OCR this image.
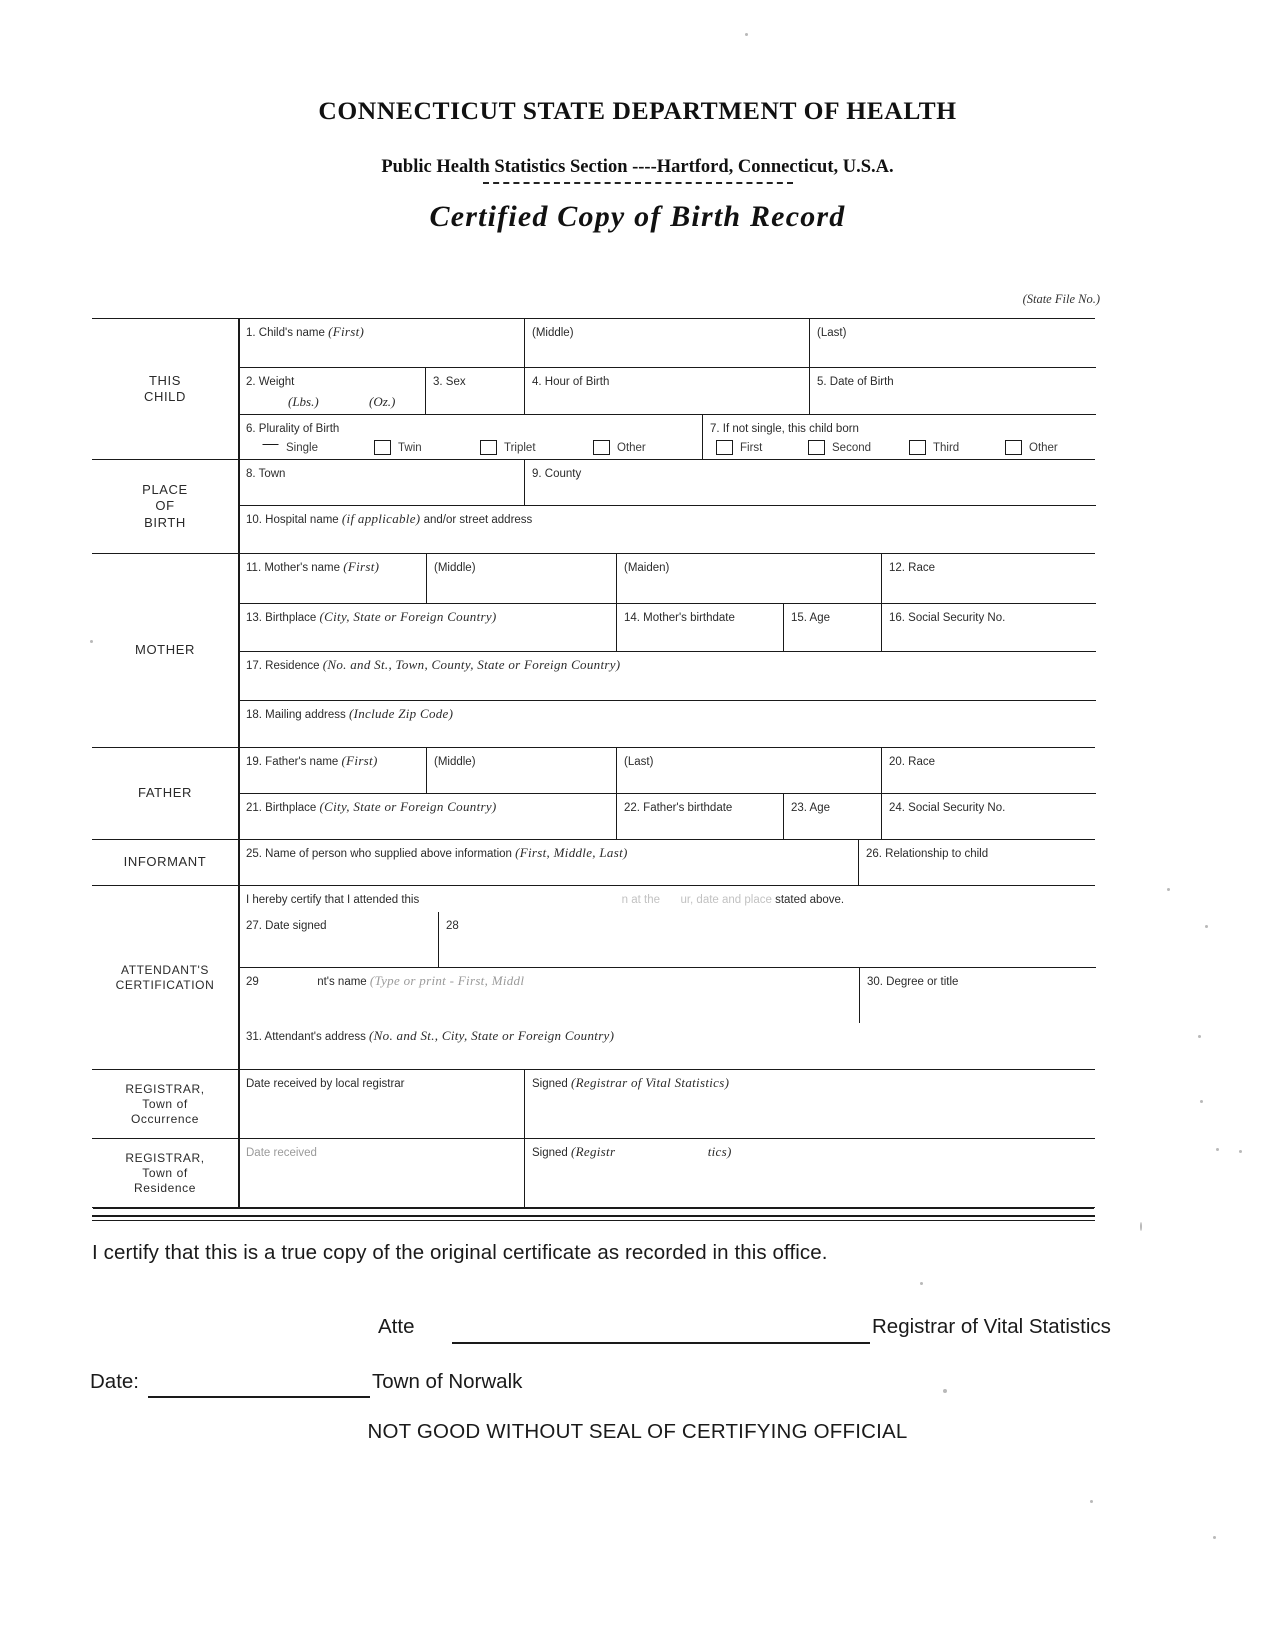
CONNECTICUT STATE DEPARTMENT OF HEALTH
Public Health Statistics Section ----Hartford, Connecticut, U.S.A.
Certified Copy of Birth Record
(State File No.)
THIS
CHILD
1. Child's name (First)	(Middle)	(Last)
2. Weight
(Lbs.)	(Oz.)
3. Sex	4. Hour of Birth	5. Date of Birth
6. Plurality of Birth
Single	Twin	Triplet	Other
7. If not single, this child born
First	Second	Third	Other
PLACE
OF
BIRTH
8. Town	9. County
10. Hospital name (if applicable) and/or street address
MOTHER
11. Mother's name (First)	(Middle)	(Maiden)	12. Race
13. Birthplace (City, State or Foreign Country)	14. Mother's birthdate	15. Age	16. Social Security No.
17. Residence (No. and St., Town, County, State or Foreign Country)
18. Mailing address (Include Zip Code)
FATHER
19. Father's name (First)	(Middle)	(Last)	20. Race
21. Birthplace (City, State or Foreign Country)	22. Father's birthdate	23. Age	24. Social Security No.
INFORMANT
25. Name of person who supplied above information (First, Middle, Last)	26. Relationship to child
ATTENDANT'S
CERTIFICATION
I hereby certify that I attended this	n at the ur, date and place stated above.
27. Date signed	28
29	nt's name (Type or print - First, Middl	30. Degree or title
31. Attendant's address (No. and St., City, State or Foreign Country)
REGISTRAR,
Town of
Occurrence
Date received by local registrar	Signed (Registrar of Vital Statistics)
REGISTRAR,
Town of
Residence
Date received	Signed (Registr	tics)
I certify that this is a true copy of the original certificate as recorded in this office.
Atte	Registrar of Vital Statistics
Date:	Town of Norwalk
NOT GOOD WITHOUT SEAL OF CERTIFYING OFFICIAL
